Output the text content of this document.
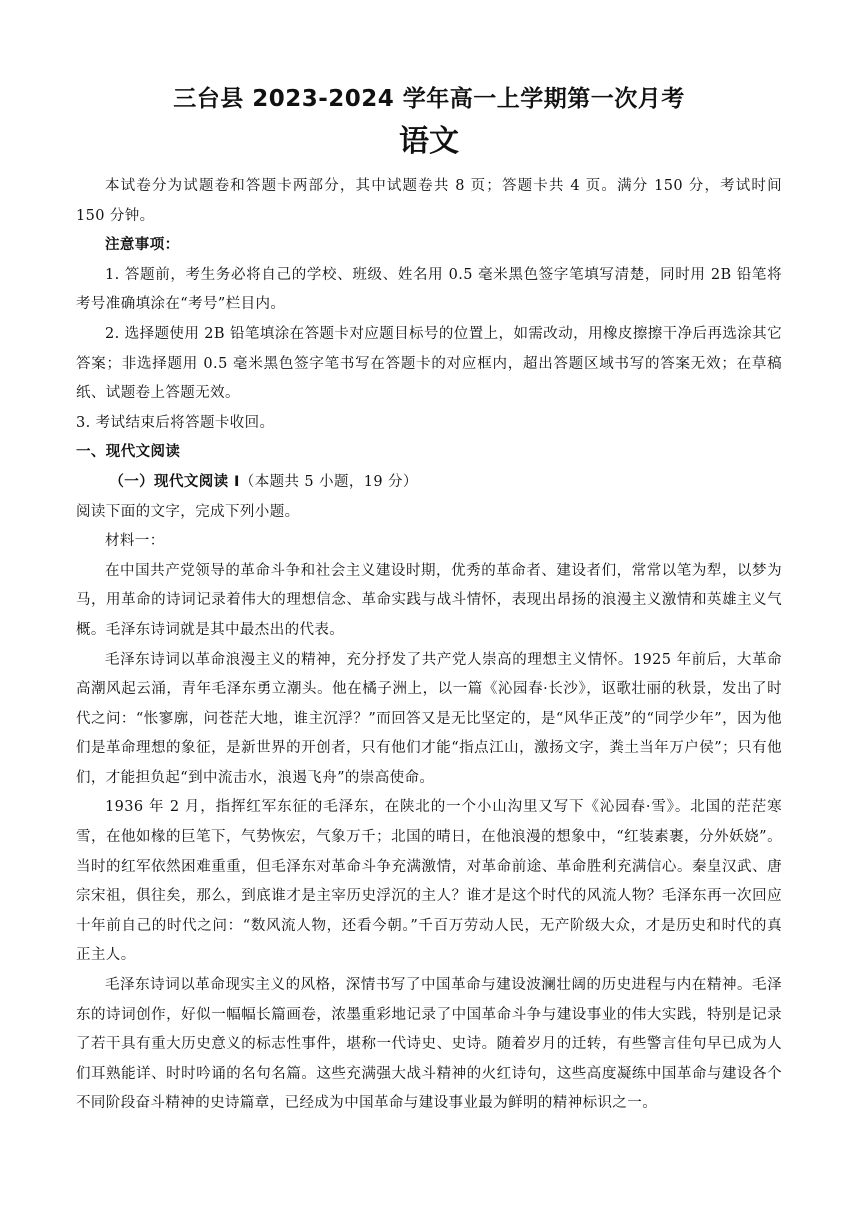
三台县 2023-2024 学年高一上学期第一次月考
语文

本试卷分为试题卷和答题卡两部分，其中试题卷共 8 页；答题卡共 4 页。满分 150 分，考试时间 150 分钟。

注意事项：

1. 答题前，考生务必将自己的学校、班级、姓名用 0.5 毫米黑色签字笔填写清楚，同时用 2B 铅笔将考号准确填涂在“考号”栏目内。

2. 选择题使用 2B 铅笔填涂在答题卡对应题目标号的位置上，如需改动，用橡皮擦擦干净后再选涂其它答案；非选择题用 0.5 毫米黑色签字笔书写在答题卡的对应框内，超出答题区域书写的答案无效；在草稿纸、试题卷上答题无效。

3. 考试结束后将答题卡收回。

一、现代文阅读

（一）现代文阅读 I（本题共 5 小题，19 分）

阅读下面的文字，完成下列小题。

材料一：

在中国共产党领导的革命斗争和社会主义建设时期，优秀的革命者、建设者们，常常以笔为犁，以梦为马，用革命的诗词记录着伟大的理想信念、革命实践与战斗情怀，表现出昂扬的浪漫主义激情和英雄主义气概。毛泽东诗词就是其中最杰出的代表。

毛泽东诗词以革命浪漫主义的精神，充分抒发了共产党人崇高的理想主义情怀。1925 年前后，大革命高潮风起云涌，青年毛泽东勇立潮头。他在橘子洲上，以一篇《沁园春·长沙》，讴歌壮丽的秋景，发出了时代之问：“怅寥廓，问苍茫大地，谁主沉浮？”而回答又是无比坚定的，是“风华正茂”的“同学少年”，因为他们是革命理想的象征，是新世界的开创者，只有他们才能“指点江山，激扬文字，粪土当年万户侯”；只有他们，才能担负起“到中流击水，浪遏飞舟”的崇高使命。

1936 年 2 月，指挥红军东征的毛泽东，在陕北的一个小山沟里又写下《沁园春·雪》。北国的茫茫寒雪，在他如椽的巨笔下，气势恢宏，气象万千；北国的晴日，在他浪漫的想象中，“红装素裹，分外妖娆”。当时的红军依然困难重重，但毛泽东对革命斗争充满激情，对革命前途、革命胜利充满信心。秦皇汉武、唐宗宋祖，俱往矣，那么，到底谁才是主宰历史浮沉的主人？谁才是这个时代的风流人物？毛泽东再一次回应十年前自己的时代之问：“数风流人物，还看今朝。”千百万劳动人民，无产阶级大众，才是历史和时代的真正主人。

毛泽东诗词以革命现实主义的风格，深情书写了中国革命与建设波澜壮阔的历史进程与内在精神。毛泽东的诗词创作，好似一幅幅长篇画卷，浓墨重彩地记录了中国革命斗争与建设事业的伟大实践，特别是记录了若干具有重大历史意义的标志性事件，堪称一代诗史、史诗。随着岁月的迁转，有些警言佳句早已成为人们耳熟能详、时时吟诵的名句名篇。这些充满强大战斗精神的火红诗句，这些高度凝练中国革命与建设各个不同阶段奋斗精神的史诗篇章，已经成为中国革命与建设事业最为鲜明的精神标识之一。
